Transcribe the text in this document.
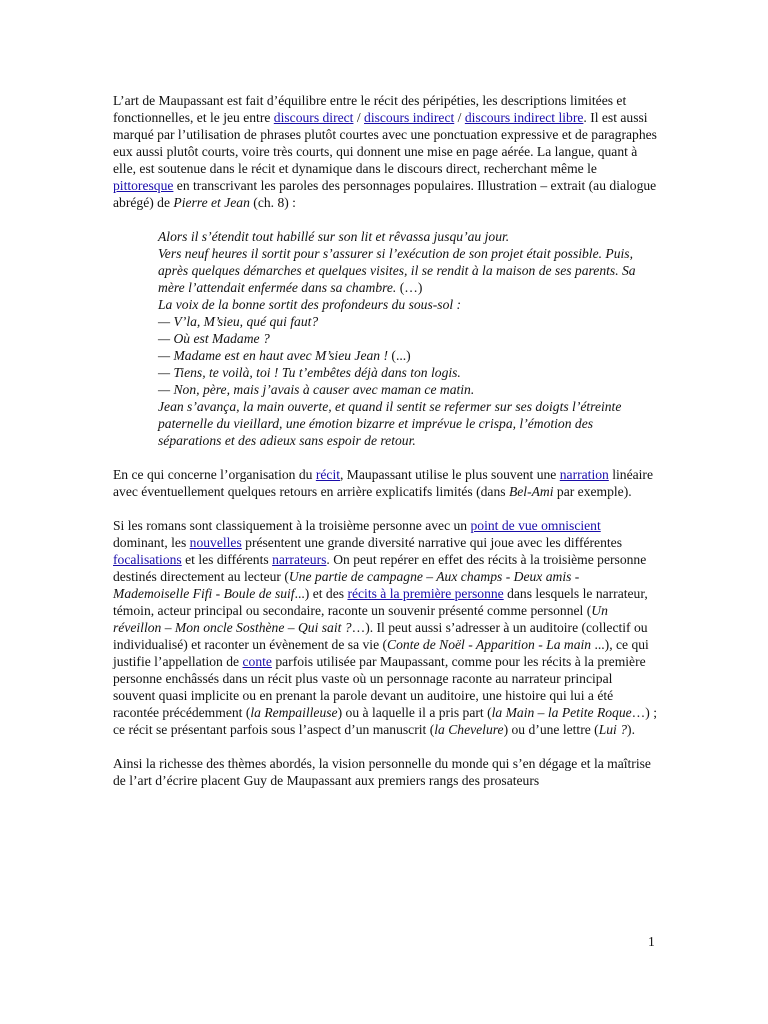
L’art de Maupassant est fait d’équilibre entre le récit des péripéties, les descriptions limitées et fonctionnelles, et le jeu entre discours direct / discours indirect / discours indirect libre. Il est aussi marqué par l’utilisation de phrases plutôt courtes avec une ponctuation expressive et de paragraphes eux aussi plutôt courts, voire très courts, qui donnent une mise en page aérée. La langue, quant à elle, est soutenue dans le récit et dynamique dans le discours direct, recherchant même le pittoresque en transcrivant les paroles des personnages populaires. Illustration – extrait (au dialogue abrégé) de Pierre et Jean (ch. 8) :

Alors il s’étendit tout habillé sur son lit et rêvassa jusqu’au jour.
Vers neuf heures il sortit pour s’assurer si l’exécution de son projet était possible. Puis, après quelques démarches et quelques visites, il se rendit à la maison de ses parents. Sa mère l’attendait enfermée dans sa chambre. (…)
La voix de la bonne sortit des profondeurs du sous-sol :
— V’la, M’sieu, qué qui faut?
— Où est Madame ?
— Madame est en haut avec M’sieu Jean ! (...)
— Tiens, te voilà, toi ! Tu t’embêtes déjà dans ton logis.
— Non, père, mais j’avais à causer avec maman ce matin.
Jean s’avança, la main ouverte, et quand il sentit se refermer sur ses doigts l’étreinte paternelle du vieillard, une émotion bizarre et imprévue le crispa, l’émotion des séparations et des adieux sans espoir de retour.

En ce qui concerne l’organisation du récit, Maupassant utilise le plus souvent une narration linéaire avec éventuellement quelques retours en arrière explicatifs limités (dans Bel-Ami par exemple).

Si les romans sont classiquement à la troisième personne avec un point de vue omniscient dominant, les nouvelles présentent une grande diversité narrative qui joue avec les différentes focalisations et les différents narrateurs. On peut repérer en effet des récits à la troisième personne destinés directement au lecteur (Une partie de campagne – Aux champs - Deux amis - Mademoiselle Fifi - Boule de suif...) et des récits à la première personne dans lesquels le narrateur, témoin, acteur principal ou secondaire, raconte un souvenir présenté comme personnel (Un réveillon – Mon oncle Sosthène – Qui sait ?…). Il peut aussi s’adresser à un auditoire (collectif ou individualisé) et raconter un évènement de sa vie (Conte de Noël - Apparition - La main ...), ce qui justifie l’appellation de conte parfois utilisée par Maupassant, comme pour les récits à la première personne enchâssés dans un récit plus vaste où un personnage raconte au narrateur principal souvent quasi implicite ou en prenant la parole devant un auditoire, une histoire qui lui a été racontée précédemment (la Rempailleuse) ou à laquelle il a pris part (la Main – la Petite Roque…) ; ce récit se présentant parfois sous l’aspect d’un manuscrit (la Chevelure) ou d’une lettre (Lui ?).

Ainsi la richesse des thèmes abordés, la vision personnelle du monde qui s’en dégage et la maîtrise de l’art d’écrire placent Guy de Maupassant aux premiers rangs des prosateurs

1
